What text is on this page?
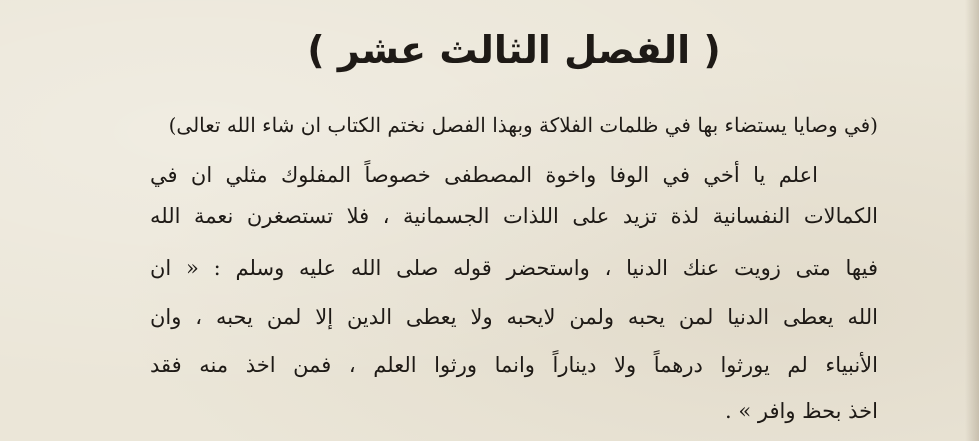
( الفصل الثالث عشر )

(في وصايا يستضاء بها في ظلمات الفلاكة وبهذا الفصل نختم الكتاب ان شاء الله تعالى)

اعلم يا أخي في الوفا واخوة المصطفى خصوصاً المفلوك مثلي ان في

الكمالات النفسانية لذة تزيد على اللذات الجسمانية ، فلا تستصغرن نعمة الله

فيها متى زويت عنك الدنيا ، واستحضر قوله صلى الله عليه وسلم : « ان

الله يعطى الدنيا لمن يحبه ولمن لايحبه ولا يعطى الدين إلا لمن يحبه ، وان

الأنبياء لم يورثوا درهماً ولا ديناراً وانما ورثوا العلم ، فمن اخذ منه فقد

اخذ بحظ وافر » .
